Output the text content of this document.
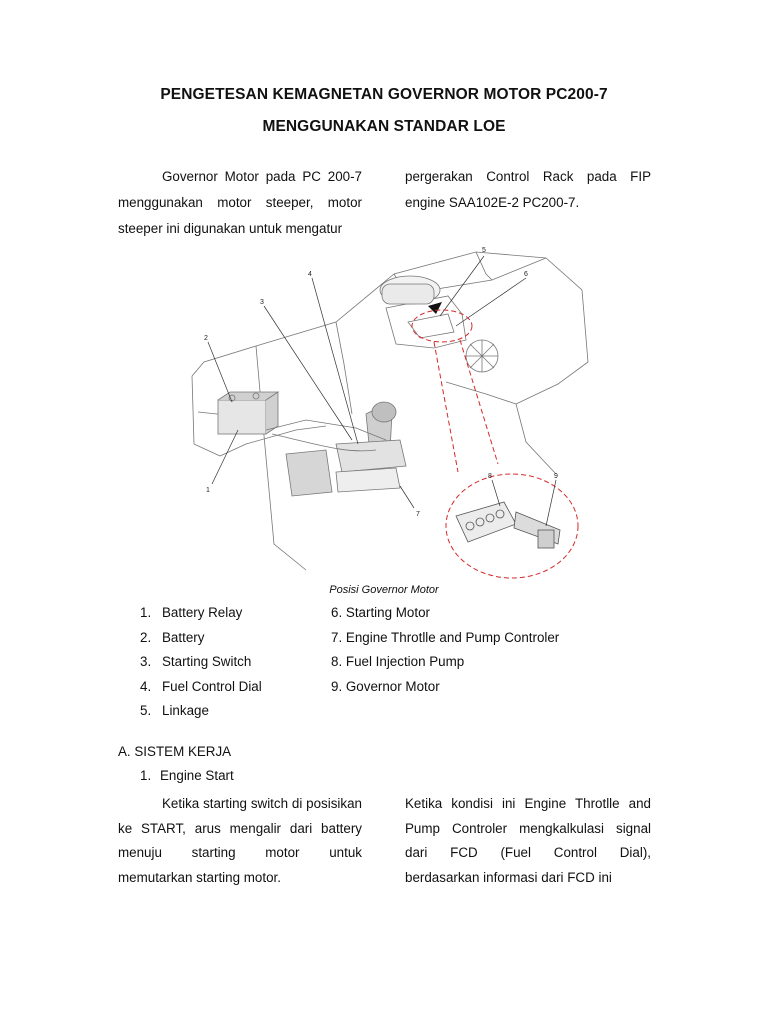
PENGETESAN KEMAGNETAN GOVERNOR MOTOR PC200-7
MENGGUNAKAN STANDAR LOE

Governor Motor pada PC 200-7 menggunakan motor steeper, motor steeper ini digunakan untuk mengatur

pergerakan Control Rack pada FIP engine SAA102E-2 PC200-7.

2
1
3
4
5
6
7
8	9
Posisi Governor Motor
1. Battery Relay
2. Battery
3. Starting Switch
4. Fuel Control Dial
5. Linkage
6. Starting Motor
7. Engine Throtlle and Pump Controler
8. Fuel Injection Pump
9. Governor Motor
A. SISTEM KERJA
1. Engine Start

Ketika starting switch di posisikan ke START, arus mengalir dari battery menuju starting motor untuk memutarkan starting motor.

Ketika kondisi ini Engine Throtlle and Pump Controler mengkalkulasi signal dari FCD (Fuel Control Dial), berdasarkan informasi dari FCD ini
